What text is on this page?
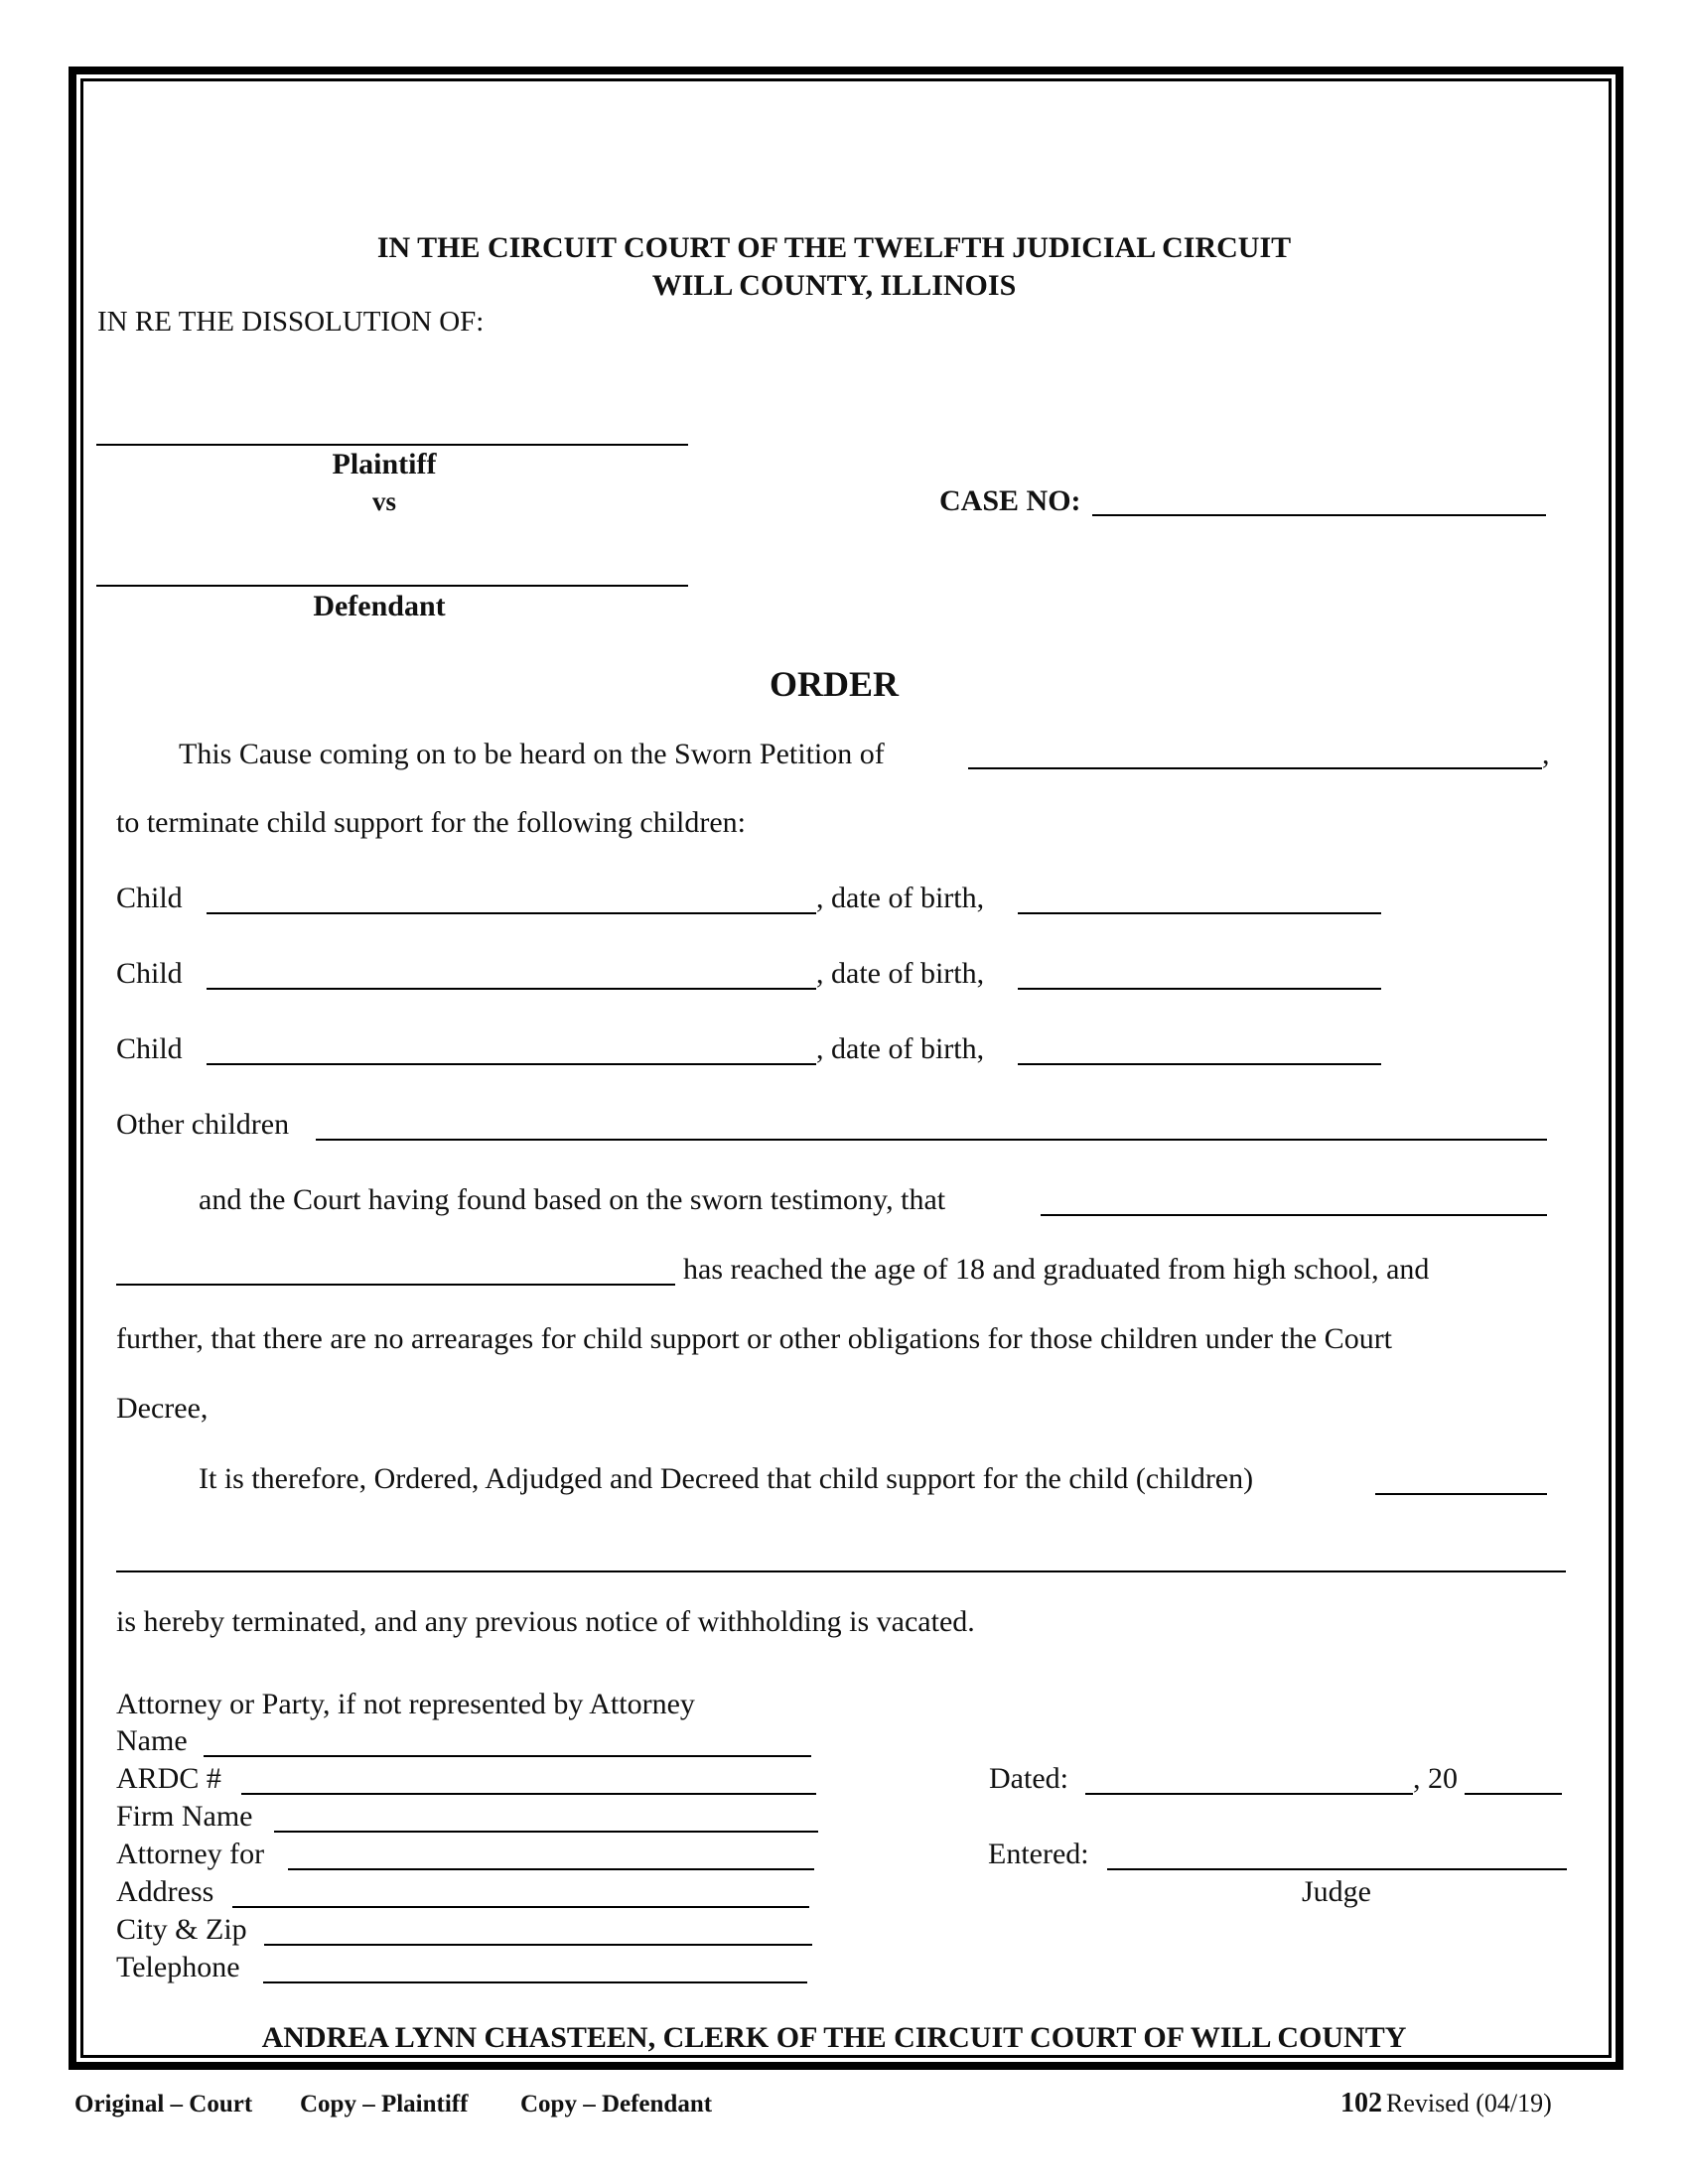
IN THE CIRCUIT COURT OF THE TWELFTH JUDICIAL CIRCUIT
WILL COUNTY, ILLINOIS
IN RE THE DISSOLUTION OF:
Plaintiff
vs
Defendant
CASE NO:
ORDER
This Cause coming on to be heard on the Sworn Petition of	,
to terminate child support for the following children:
Child	, date of birth,
Child	, date of birth,
Child	, date of birth,
Other children
and the Court having found based on the sworn testimony, that
has reached the age of 18 and graduated from high school, and
further, that there are no arrearages for child support or other obligations for those children under the Court
Decree,
It is therefore, Ordered, Adjudged and Decreed that child support for the child (children)
is hereby terminated, and any previous notice of withholding is vacated.
Attorney or Party, if not represented by Attorney
Name
ARDC #
Firm Name
Attorney for
Address
City & Zip
Telephone
Dated:	, 20
Entered:
Judge
ANDREA LYNN CHASTEEN, CLERK OF THE CIRCUIT COURT OF WILL COUNTY
Original – Court Copy – Plaintiff Copy – Defendant	102 Revised (04/19)
